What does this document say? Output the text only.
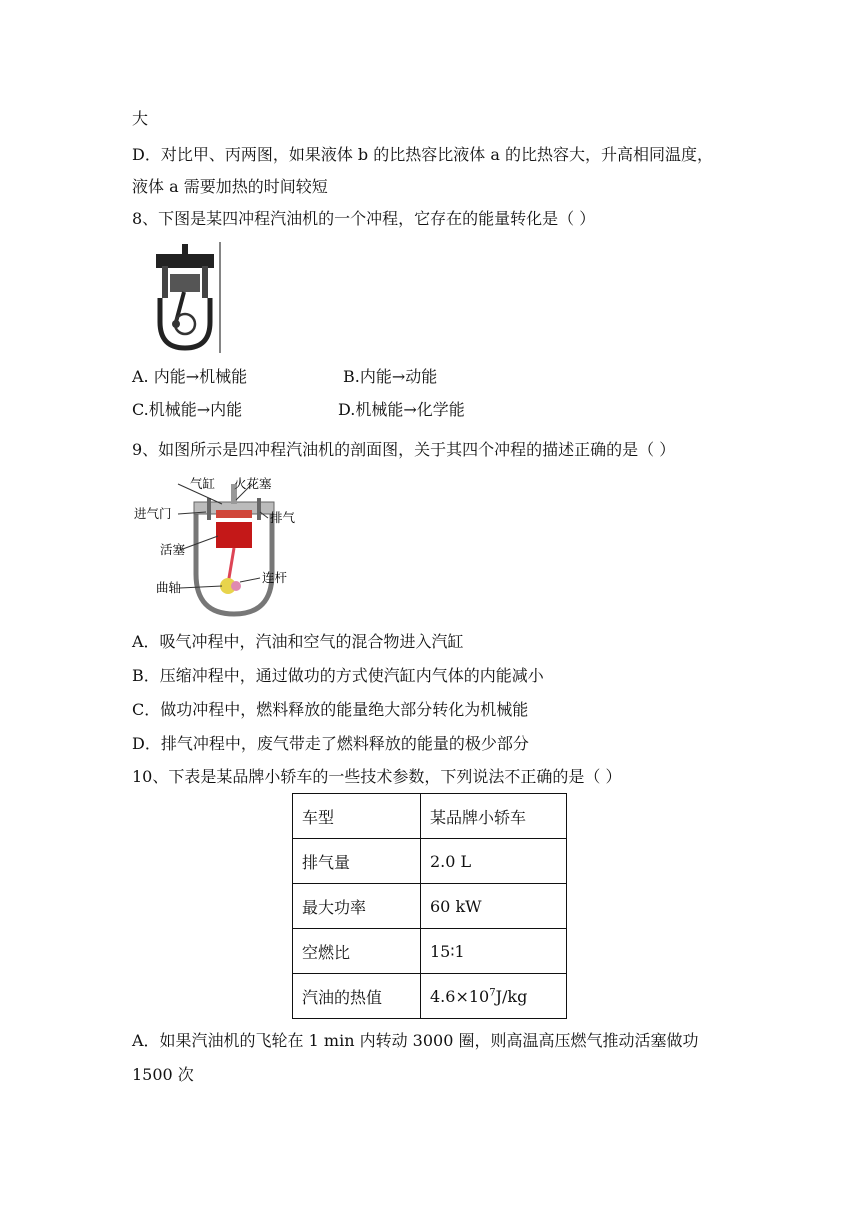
大
D．对比甲、丙两图，如果液体 b 的比热容比液体 a 的比热容大，升高相同温度，
液体 a 需要加热的时间较短
8、下图是某四冲程汽油机的一个冲程，它存在的能量转化是（ ）
A. 内能→机械能	B.内能→动能
C.机械能→内能	D.机械能→化学能
9、如图所示是四冲程汽油机的剖面图，关于其四个冲程的描述正确的是（ ）
气缸 火花塞
进气门	排气
活塞
连杆
曲轴
A．吸气冲程中，汽油和空气的混合物进入汽缸
B．压缩冲程中，通过做功的方式使汽缸内气体的内能减小
C．做功冲程中，燃料释放的能量绝大部分转化为机械能
D．排气冲程中，废气带走了燃料释放的能量的极少部分
10、下表是某品牌小轿车的一些技术参数，下列说法不正确的是（ ）
车型	某品牌小轿车
排气量	2.0 L
最大功率	60 kW
空燃比	15∶1
汽油的热值	$4.6\times 10^7J/kg$
A．如果汽油机的飞轮在 1 min 内转动 3000 圈，则高温高压燃气推动活塞做功
1500 次
